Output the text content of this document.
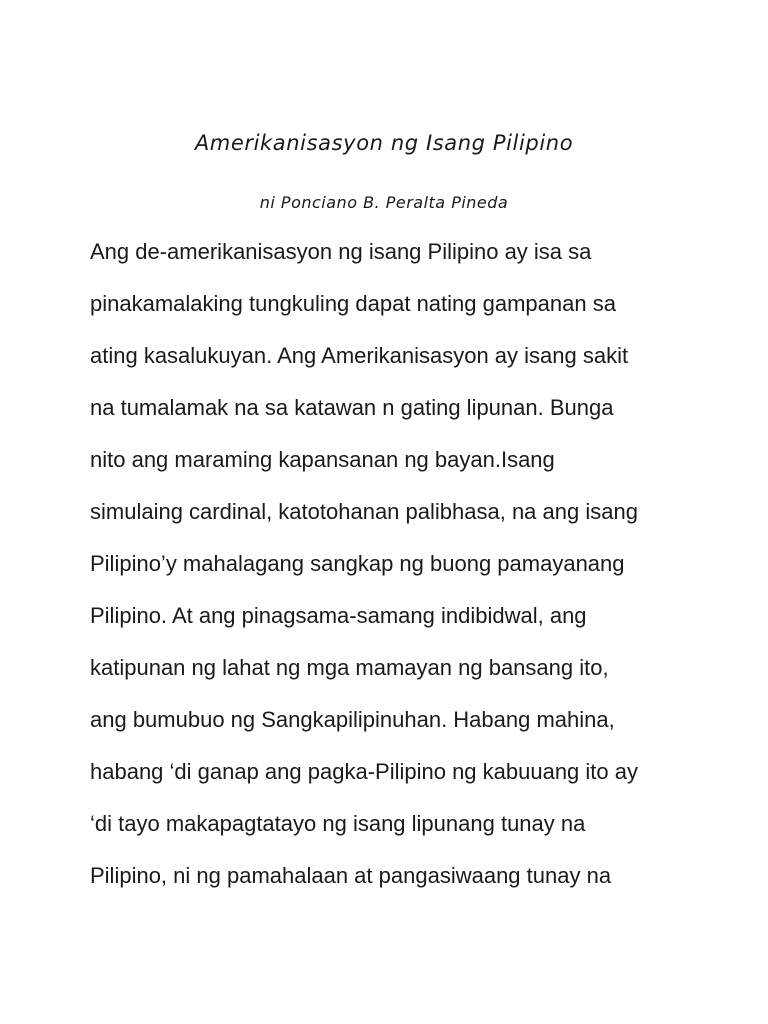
Amerikanisasyon ng Isang Pilipino
ni Ponciano B. Peralta Pineda
Ang de-amerikanisasyon ng isang Pilipino ay isa sa
pinakamalaking tungkuling dapat nating gampanan sa
ating kasalukuyan. Ang Amerikanisasyon ay isang sakit
na tumalamak na sa katawan n gating lipunan. Bunga
nito ang maraming kapansanan ng bayan.Isang
simulaing cardinal, katotohanan palibhasa, na ang isang
Pilipino’y mahalagang sangkap ng buong pamayanang
Pilipino. At ang pinagsama-samang indibidwal, ang
katipunan ng lahat ng mga mamayan ng bansang ito,
ang bumubuo ng Sangkapilipinuhan. Habang mahina,
habang ‘di ganap ang pagka-Pilipino ng kabuuang ito ay
‘di tayo makapagtatayo ng isang lipunang tunay na
Pilipino, ni ng pamahalaan at pangasiwaang tunay na
